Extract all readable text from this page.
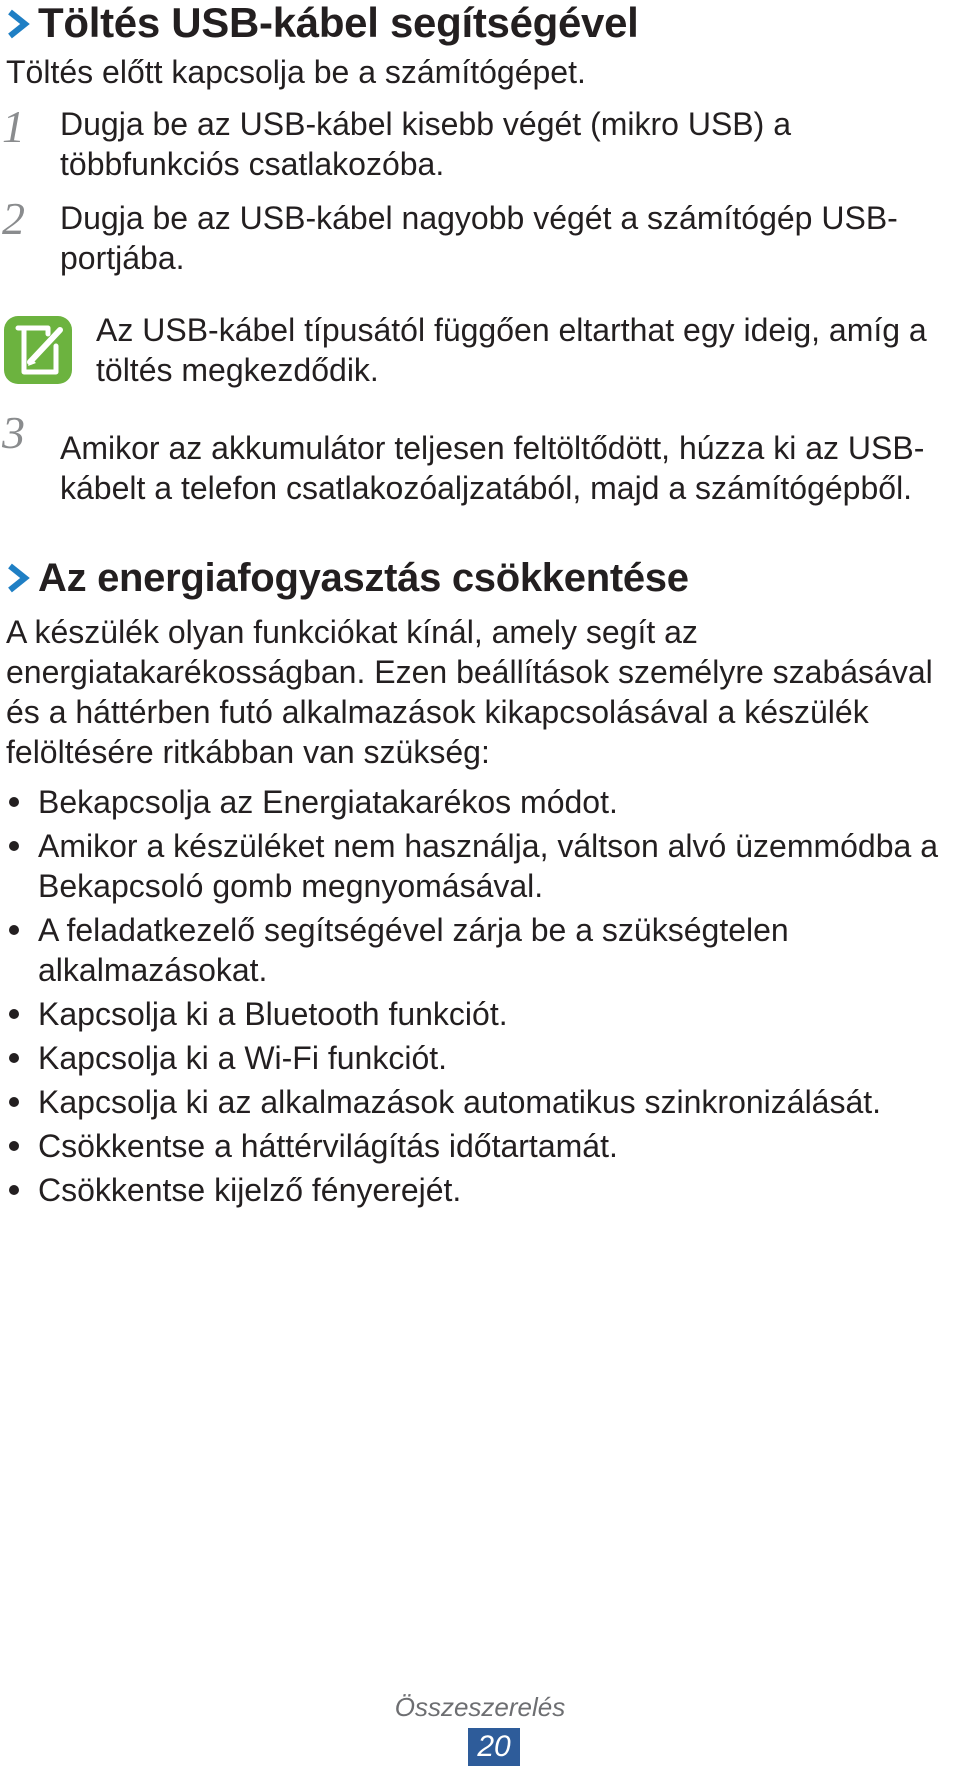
Töltés USB-kábel segítségével
Töltés előtt kapcsolja be a számítógépet.
1 Dugja be az USB-kábel kisebb végét (mikro USB) a
többfunkciós csatlakozóba.
2 Dugja be az USB-kábel nagyobb végét a számítógép USB-
portjába.
Az USB-kábel típusától függően eltarthat egy ideig, amíg a
töltés megkezdődik.
3 Amikor az akkumulátor teljesen feltöltődött, húzza ki az USB-
kábelt a telefon csatlakozóaljzatából, majd a számítógépből.
Az energiafogyasztás csökkentése
A készülék olyan funkciókat kínál, amely segít az
energiatakarékosságban. Ezen beállítások személyre szabásával
és a háttérben futó alkalmazások kikapcsolásával a készülék
felöltésére ritkábban van szükség:
Bekapcsolja az Energiatakarékos módot.
Amikor a készüléket nem használja, váltson alvó üzemmódba a
Bekapcsoló gomb megnyomásával.
A feladatkezelő segítségével zárja be a szükségtelen
alkalmazásokat.
Kapcsolja ki a Bluetooth funkciót.
Kapcsolja ki a Wi-Fi funkciót.
Kapcsolja ki az alkalmazások automatikus szinkronizálását.
Csökkentse a háttérvilágítás időtartamát.
Csökkentse kijelző fényerejét.
Összeszerelés
20
